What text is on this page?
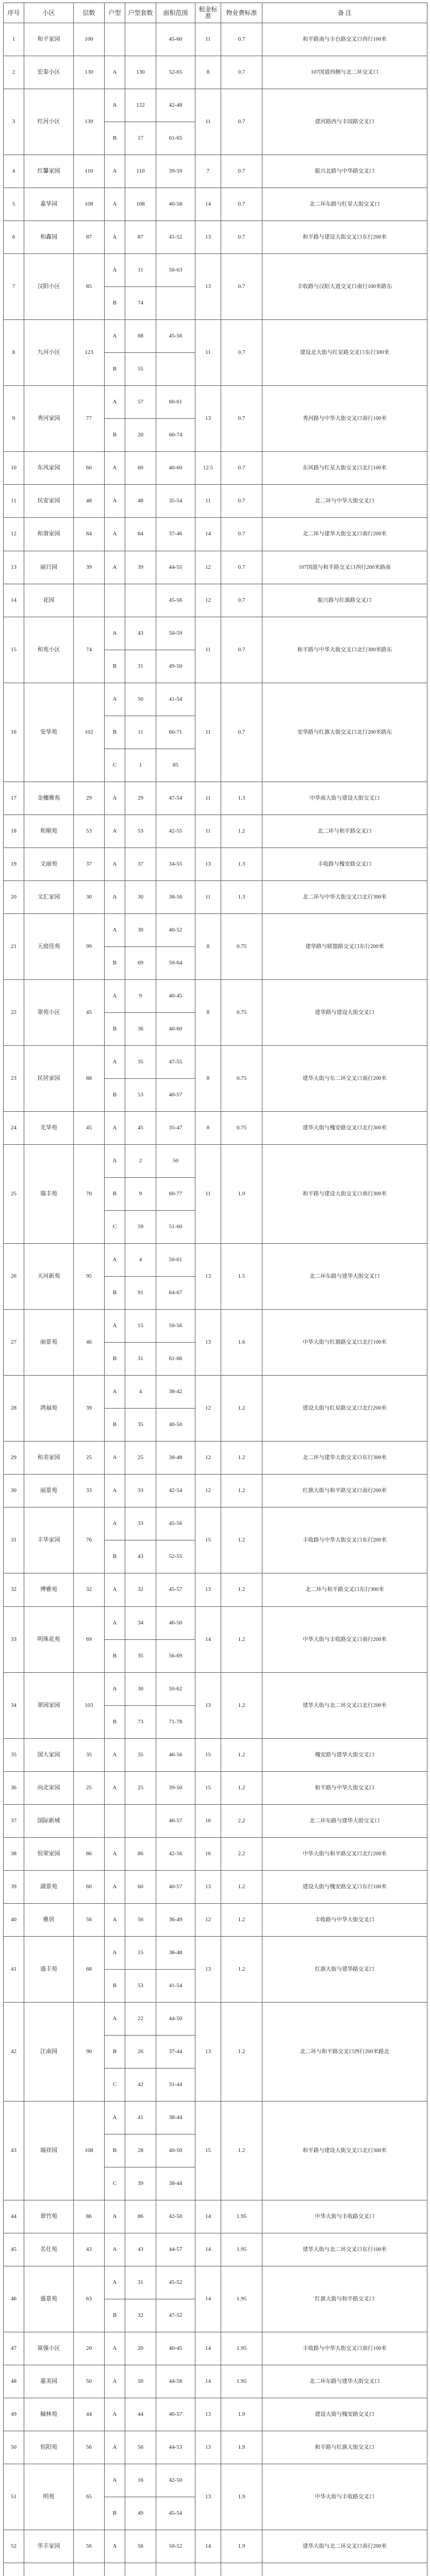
序号	小区	层数	户型	户型套数	面积范围	租金标准	物业费标准	备 注
1	和平家园	100			45-60	11	0.7	和平路南与丰台路交叉口西行100米
2	宏泰小区	130	A	130	52-65	8	0.7	107国道西侧与北二环交叉口
3	红河小区	139	A	122	42-48	11	0.7	建河路西与丰园路交叉口
			B	17	61-65			
4	红馨家园	110	A	110	39-59	7	0.7	振兴北路与中华路交叉口
5	嘉华园	108	A	108	40-58	14	0.7	北二环东路与红星大街交叉口
6	和鑫园	87	A	87	41-52	13	0.7	和平路与建设大街交叉口东行200米
7	汉阳小区	85	A	11	50-63	13	0.7	丰收路与汉阳大道交叉口南行100米路东
			B	74				
8	九河小区	123	A	68	45-56	11	0.7	建设北大街与红星路交叉口东行300米
			B	55				
9	秀河家园	77	A	57	60-61	13	0.7	秀河路与中华大街交叉口南行100米
			B	20	60-74			
10	东风家园	60	A	60	40-60	12.5	0.7	东风路与红星大街交叉口北行100米
11	民安家园	48	A	48	35-54	11	0.7	北二环与中华大街交叉口
12	和谐家园	84	A	84	37-46	14	0.7	北二环与建华大街交叉口南行200米
13	丽日园	39	A	39	44-55	12	0.7	107国道与和平路交叉口西行200米路南
14	花园				45-56	12	0.7	振兴路与红旗路交叉口
15	和苑小区	74	A	43	50-59	11	0.7	和平路与中华大街交叉口北行300米路东
			B	31	49-50			
16	安华苑	102	A	50	41-54	11	0.7	安华路与红旗大街交叉口北行200米路东
			B	11	60-71			
			C	1	85			
17	金穗雅苑	29	A	29	47-54	11	1.3	中华南大街与建设大街交叉口
18	和顺苑	53	A	53	42-55	11	1.2	北二环与和平路交叉口
19	文丽苑	37	A	37	34-55	13	1.3	丰收路与槐安路交叉口
20	文汇家园	30	A	30	38-56	11	1.3	北二环与中华大街交叉口北行300米
21	天庭佳苑	99	A	30	40-52	8	0.75	建华路与联盟路交叉口东行200米
			B	69	59-64			
22	翠苑小区	45	A	9	40-45	8	0.75	建华路与建设大街交叉口
			B	36	40-60			
23	民居家园	88	A	35	47-55	8	0.75	建华大街与东二环交叉口南行200米
			B	53	40-57			
24	光华苑	45	A	45	35-47	8	0.75	建华大街与槐安路交叉口北行300米
25	瑞丰苑	70	A	2	50	11	1.9	和平路与建设大街交叉口南行300米
			B	9	60-77			
			C	59	51-60			
26	天河新苑	95	A	4	50-61	13	1.5	北二环东路与建华大街交叉口
			B	91	64-67			
27	丽景苑	46	A	15	50-56	13	1.6	中华大街与红旗路交叉口北行100米
			B	31	61-66			
28	鸿福苑	39	A	4	38-42	12	1.2	建设大街与红星路交叉口北行200米
			B	35	40-50			
29	和美家园	25	A	25	38-48	12	1.2	北二环与建华大街交叉口东行300米
30	丽景苑	33	A	33	42-54	12	1.2	红旗大街与和平路交叉口南行200米
31	丰华家园	76	A	33	45-56	15	1.2	丰收路与中华大街交叉口东行200米
			B	43	52-55			
32	博雅苑	32	A	32	45-57	13	1.2	北二环与和平路交叉口东行300米
33	明珠花苑	69	A	34	46-50	14	1.2	中华大街与丰收路交叉口南行200米
			B	35	56-69			
34	翠园家园	103	A	30	50-62	13	1.2	建华大街与北二环交叉口北行200米
			B	73	71-78			
35	国大家园	35	A	35	46-56	15	1.2	槐安路与建华大街交叉口
36	向北家园	25	A	25	39-50	15	1.2	和平路与中华大街交叉口
37	国际新城				46-57	16	2.2	北二环东路与建华大街交叉口
38	恒荣家园	86	A	86	42-56	16	2.2	中华大街与和平路交叉口北行200米
39	湖景苑	60	A	60	40-57	13	1.2	建设大街与槐安路交叉口东行100米
40	雅居	56	A	56	36-49	12	1.2	丰收路与中华大街交叉口
41	盛丰苑	68	A	15	38-48	13	1.2	红旗大街与建华路交叉口
			B	53	41-54			
42	江南园	90	A	22	44-50	13	1.2	北二环与和平路交叉口西行200米路北
			B	26	37-44			
			C	42	31-44			
43	瑞祥园	108	A	41	38-44	15	1.2	和平路与建设大街交叉口北行300米
			B	28	40-50			
			C	39	38-44			
44	翠竹苑	86	A	86	42-50	14	1.95	中华大街与丰收路交叉口
45	名仕苑	43	A	43	44-57	14	1.95	建华大街与北二环交叉口东行100米
46	盛景苑	63	A	31	45-52	14	1.95	红旗大街与和平路交叉口
			B	32	47-52			
47	富强小区	20	A	20	40-45	14	1.95	丰收路与中华大街交叉口南行100米
48	嘉美园	50	A	50	44-58	14	1.95	北二环东路与建华大街交叉口
49	翰林苑	44	A	44	40-57	13	1.9	建设大街与槐安路交叉口
50	恒阳苑	56	A	56	44-53	13	1.9	和平路与红旗大街交叉口
51	明苑	65	A	16	42-50	13	1.9	中华大街与丰收路交叉口
			B	49	45-54			
52	华丰家园	56	A	56	50-52	14	1.9	建华大街与北二环交叉口南行200米
